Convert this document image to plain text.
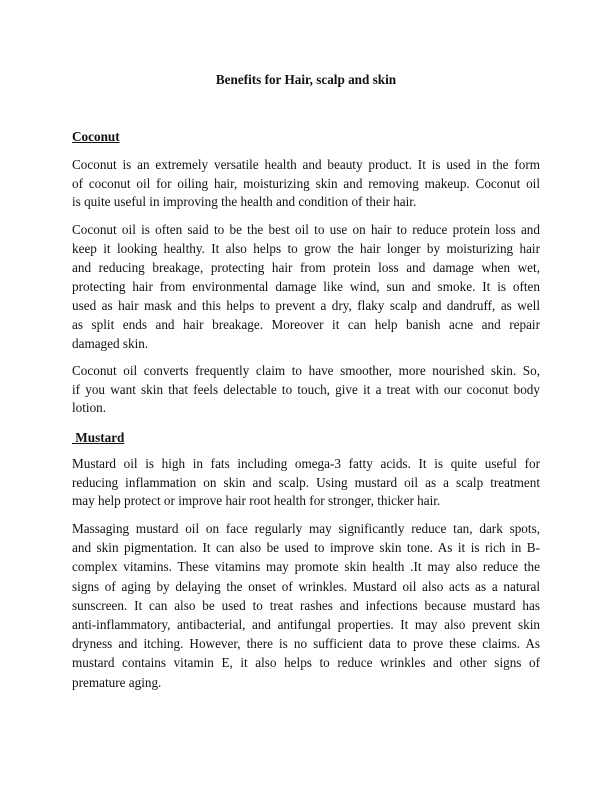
Benefits for Hair, scalp and skin
Coconut
Coconut is an extremely versatile health and beauty product. It is used in the form
of coconut oil for oiling hair, moisturizing skin and removing makeup. Coconut oil
is quite useful in improving the health and condition of their hair.
Coconut oil is often said to be the best oil to use on hair to reduce protein loss and
keep it looking healthy. It also helps to grow the hair longer by moisturizing hair
and reducing breakage, protecting hair from protein loss and damage when wet,
protecting hair from environmental damage like wind, sun and smoke. It is often
used as hair mask and this helps to prevent a dry, flaky scalp and dandruff, as well
as split ends and hair breakage. Moreover it can help banish acne and repair
damaged skin.
Coconut oil converts frequently claim to have smoother, more nourished skin. So,
if you want skin that feels delectable to touch, give it a treat with our coconut body
lotion.
Mustard
Mustard oil is high in fats including omega-3 fatty acids. It is quite useful for
reducing inflammation on skin and scalp. Using mustard oil as a scalp treatment
may help protect or improve hair root health for stronger, thicker hair.
Massaging mustard oil on face regularly may significantly reduce tan, dark spots,
and skin pigmentation. It can also be used to improve skin tone. As it is rich in B-
complex vitamins. These vitamins may promote skin health .It may also reduce the
signs of aging by delaying the onset of wrinkles. Mustard oil also acts as a natural
sunscreen. It can also be used to treat rashes and infections because mustard has
anti-inflammatory, antibacterial, and antifungal properties. It may also prevent skin
dryness and itching. However, there is no sufficient data to prove these claims. As
mustard contains vitamin E, it also helps to reduce wrinkles and other signs of
premature aging.
